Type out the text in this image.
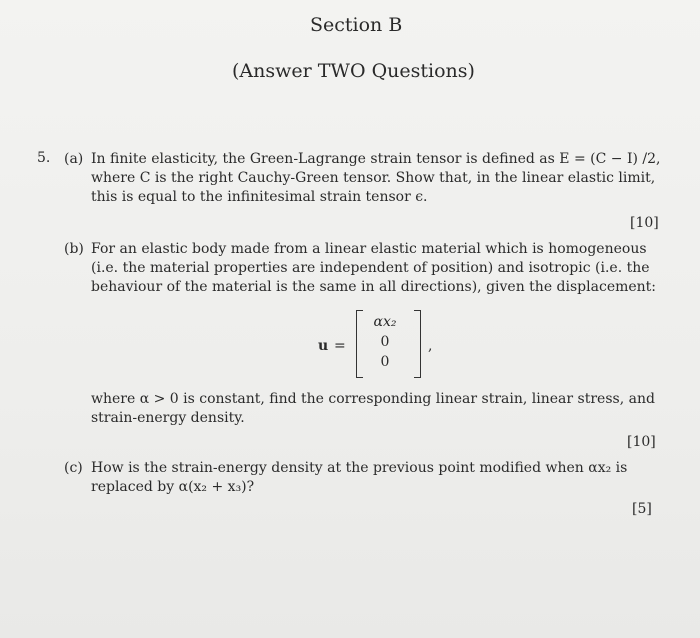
Section B
(Answer TWO Questions)
5. (a) In finite elasticity, the Green-Lagrange strain tensor is defined as E = (C − I) /2,
where C is the right Cauchy-Green tensor. Show that, in the linear elastic limit,
this is equal to the infinitesimal strain tensor ϵ.
[10]
(b) For an elastic body made from a linear elastic material which is homogeneous
(i.e. the material properties are independent of position) and isotropic (i.e. the
behaviour of the material is the same in all directions), given the displacement:
u =
αx₂
0
0
,
where α > 0 is constant, find the corresponding linear strain, linear stress, and
strain-energy density.
[10]
(c) How is the strain-energy density at the previous point modified when αx₂ is
replaced by α(x₂ + x₃)?
[5]
